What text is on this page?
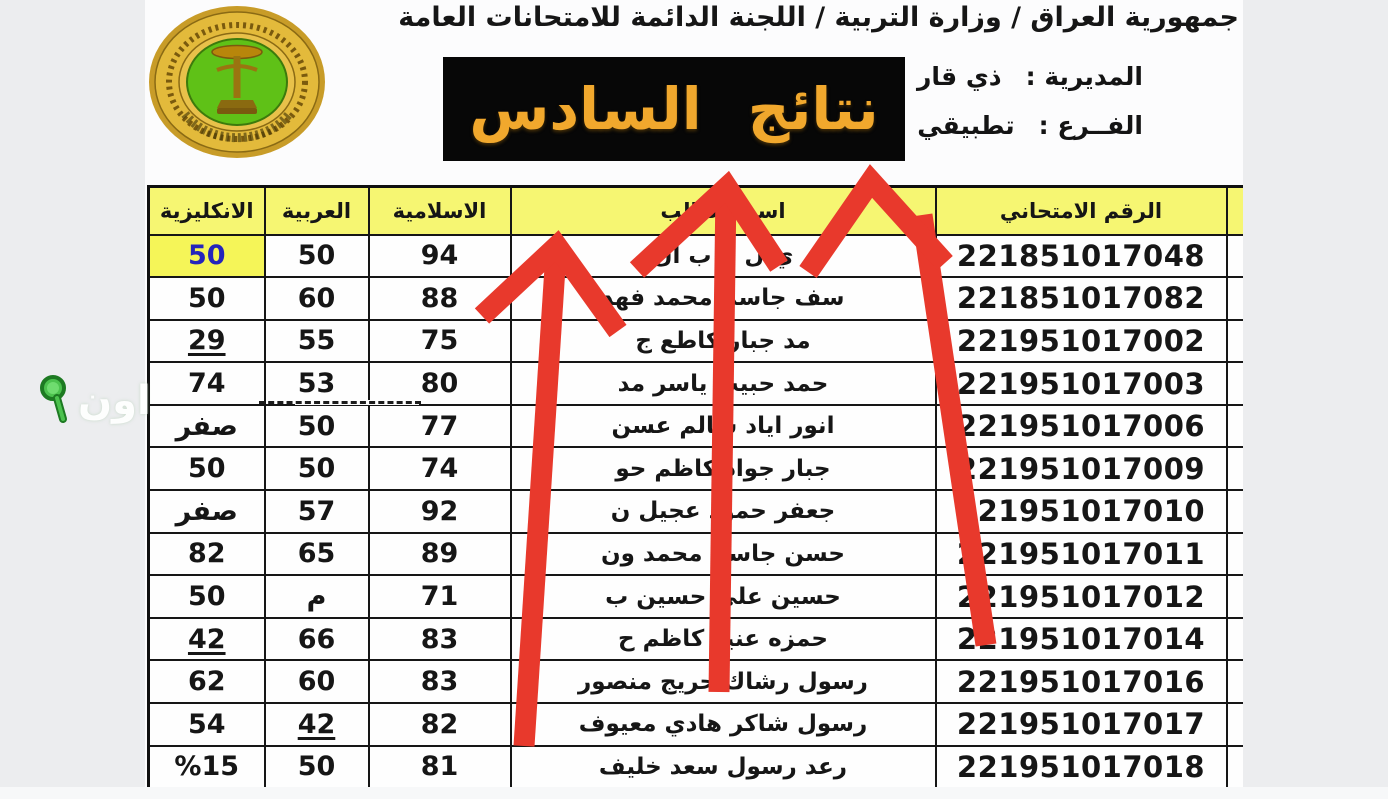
جمهورية العراق / وزارة التربية / اللجنة الدائمة للامتحانات العامة
نتائج السادس	المديرية :
ذي قار
الفــرع :
تطبيقي
الانكليزية	العربية	الاسلامية	اسم الطالب	الرقم الامتحاني	
50	50	94	ي ل م ب ال	221851017048	
50	60	88	سف جاسم محمد فهد	221851017082	
29	55	75	مد جبار كاطع ج	221951017002	
74	53	80	حمد حبيب ياسر مد	221951017003	
صفر	50	77	انور اياد سالم عسن	221951017006	
50	50	74	جبار جواد كاظم حو	221951017009	
صفر	57	92	جعفر حمود عجيل ن	221951017010	
82	65	89	حسن جاسم محمد ون	221951017011	
50	م	71	حسين علي حسين ب	221951017012	
42	66	83	حمزه عنيد كاظم ح	221951017014	
62	60	83	رسول رشاك حريج منصور	221951017016	
54	42	82	رسول شاكر هادي معيوف	221951017017	
%15	50	81	رعد رسول سعد خليف	221951017018	
اون
